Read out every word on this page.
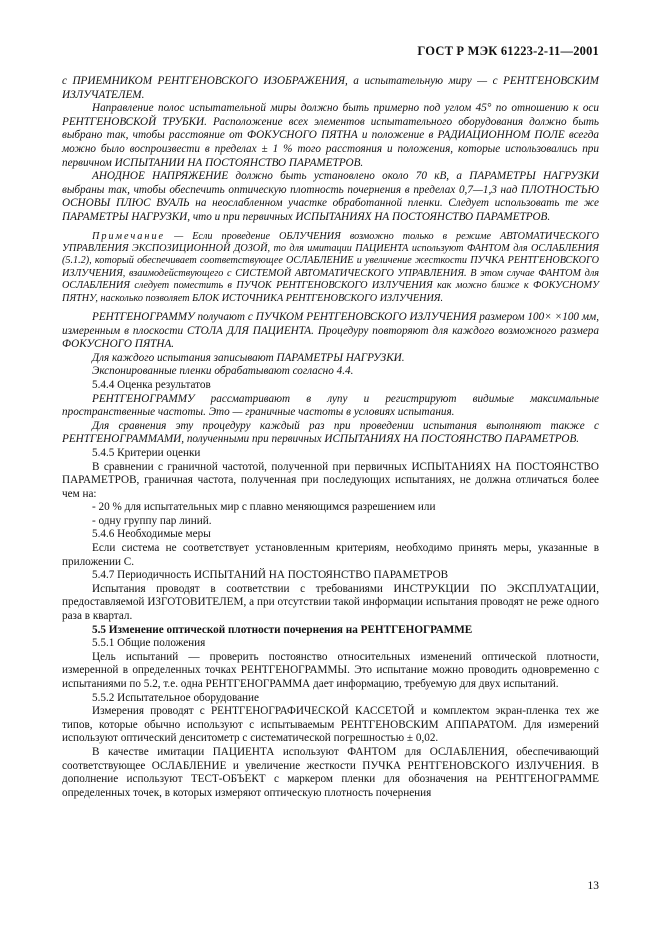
ГОСТ Р МЭК 61223-2-11—2001

с ПРИЕМНИКОМ РЕНТГЕНОВСКОГО ИЗОБРАЖЕНИЯ, а испытательную миру — с РЕНТГЕНОВСКИМ ИЗЛУЧАТЕЛЕМ.

Направление полос испытательной миры должно быть примерно под углом 45° по отношению к оси РЕНТГЕНОВСКОЙ ТРУБКИ. Расположение всех элементов испытательного оборудования должно быть выбрано так, чтобы расстояние от ФОКУСНОГО ПЯТНА и положение в РАДИАЦИОННОМ ПОЛЕ всегда можно было воспроизвести в пределах ± 1 % того расстояния и положения, которые использовались при первичном ИСПЫТАНИИ НА ПОСТОЯНСТВО ПАРАМЕТРОВ.

АНОДНОЕ НАПРЯЖЕНИЕ должно быть установлено около 70 кВ, а ПАРАМЕТРЫ НАГРУЗКИ выбраны так, чтобы обеспечить оптическую плотность почернения в пределах 0,7—1,3 над ПЛОТНОСТЬЮ ОСНОВЫ ПЛЮС ВУАЛЬ на неослабленном участке обработанной пленки. Следует использовать те же ПАРАМЕТРЫ НАГРУЗКИ, что и при первичных ИСПЫТАНИЯХ НА ПОСТОЯНСТВО ПАРАМЕТРОВ.

Примечание — Если проведение ОБЛУЧЕНИЯ возможно только в режиме АВТОМАТИЧЕСКОГО УПРАВЛЕНИЯ ЭКСПОЗИЦИОННОЙ ДОЗОЙ, то для имитации ПАЦИЕНТА используют ФАНТОМ для ОСЛАБЛЕНИЯ (5.1.2), который обеспечивает соответствующее ОСЛАБЛЕНИЕ и увеличение жесткости ПУЧКА РЕНТГЕНОВСКОГО ИЗЛУЧЕНИЯ, взаимодействующего с СИСТЕМОЙ АВТОМАТИЧЕСКОГО УПРАВЛЕНИЯ. В этом случае ФАНТОМ для ОСЛАБЛЕНИЯ следует поместить в ПУЧОК РЕНТГЕНОВСКОГО ИЗЛУЧЕНИЯ как можно ближе к ФОКУСНОМУ ПЯТНУ, насколько позволяет БЛОК ИСТОЧНИКА РЕНТГЕНОВСКОГО ИЗЛУЧЕНИЯ.

РЕНТГЕНОГРАММУ получают с ПУЧКОМ РЕНТГЕНОВСКОГО ИЗЛУЧЕНИЯ размером 100× ×100 мм, измеренным в плоскости СТОЛА ДЛЯ ПАЦИЕНТА. Процедуру повторяют для каждого возможного размера ФОКУСНОГО ПЯТНА.

Для каждого испытания записывают ПАРАМЕТРЫ НАГРУЗКИ.

Экспонированные пленки обрабатывают согласно 4.4.

5.4.4 Оценка результатов

РЕНТГЕНОГРАММУ рассматривают в лупу и регистрируют видимые максимальные пространственные частоты. Это — граничные частоты в условиях испытания.

Для сравнения эту процедуру каждый раз при проведении испытания выполняют также с РЕНТГЕНОГРАММАМИ, полученными при первичных ИСПЫТАНИЯХ НА ПОСТОЯНСТВО ПАРАМЕТРОВ.

5.4.5 Критерии оценки

В сравнении с граничной частотой, полученной при первичных ИСПЫТАНИЯХ НА ПОСТОЯНСТВО ПАРАМЕТРОВ, граничная частота, полученная при последующих испытаниях, не должна отличаться более чем на:

- 20 % для испытательных мир с плавно меняющимся разрешением или

- одну группу пар линий.

5.4.6 Необходимые меры

Если система не соответствует установленным критериям, необходимо принять меры, указанные в приложении С.

5.4.7 Периодичность ИСПЫТАНИЙ НА ПОСТОЯНСТВО ПАРАМЕТРОВ

Испытания проводят в соответствии с требованиями ИНСТРУКЦИИ ПО ЭКСПЛУАТАЦИИ, предоставляемой ИЗГОТОВИТЕЛЕМ, а при отсутствии такой информации испытания проводят не реже одного раза в квартал.

5.5 Изменение оптической плотности почернения на РЕНТГЕНОГРАММЕ

5.5.1 Общие положения

Цель испытаний — проверить постоянство относительных изменений оптической плотности, измеренной в определенных точках РЕНТГЕНОГРАММЫ. Это испытание можно проводить одновременно с испытаниями по 5.2, т.е. одна РЕНТГЕНОГРАММА дает информацию, требуемую для двух испытаний.

5.5.2 Испытательное оборудование

Измерения проводят с РЕНТГЕНОГРАФИЧЕСКОЙ КАССЕТОЙ и комплектом экран-пленка тех же типов, которые обычно используют с испытываемым РЕНТГЕНОВСКИМ АППАРАТОМ. Для измерений используют оптический денситометр с систематической погрешностью ± 0,02.

В качестве имитации ПАЦИЕНТА используют ФАНТОМ для ОСЛАБЛЕНИЯ, обеспечивающий соответствующее ОСЛАБЛЕНИЕ и увеличение жесткости ПУЧКА РЕНТГЕНОВСКОГО ИЗЛУЧЕНИЯ. В дополнение используют ТЕСТ-ОБЪЕКТ с маркером пленки для обозначения на РЕНТГЕНОГРАММЕ определенных точек, в которых измеряют оптическую плотность почернения

13
